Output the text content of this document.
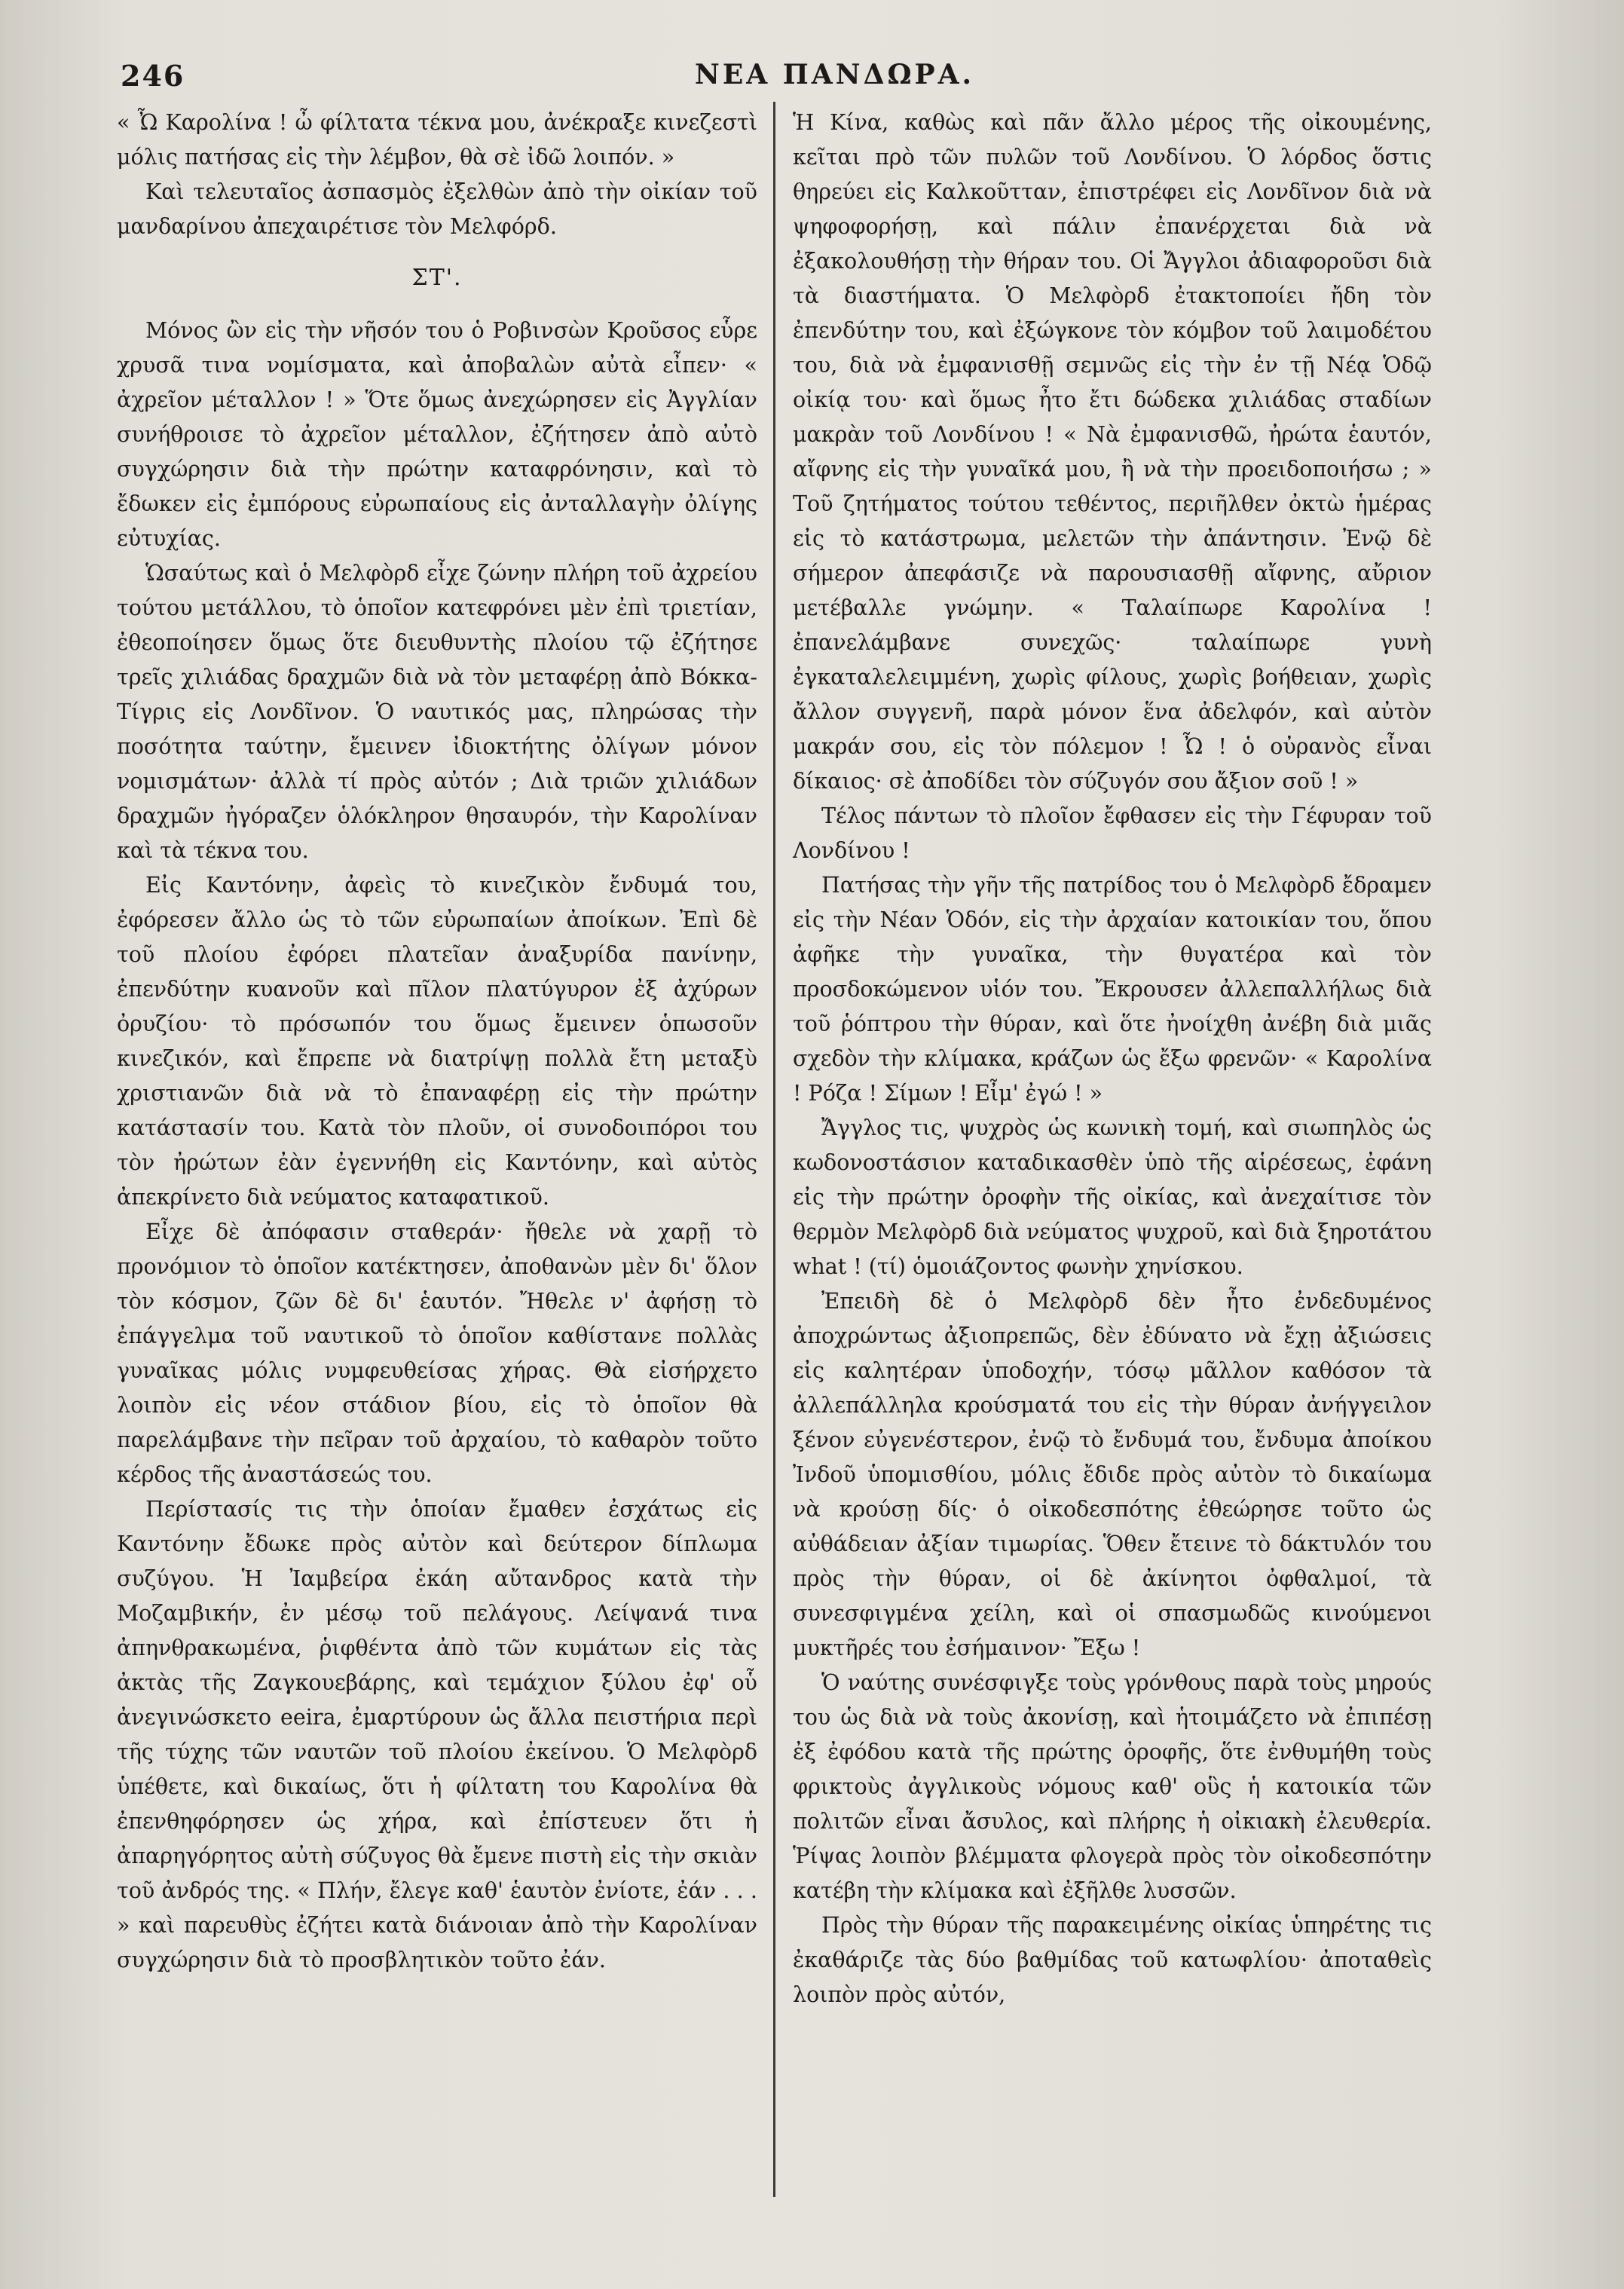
246	ΝΕΑ ΠΑΝΔΩΡΑ.

« Ὦ Καρολίνα ! ὦ φίλτατα τέκνα μου, ἀνέκραξε κινεζεστὶ μόλις πατήσας εἰς τὴν λέμβον, θὰ σὲ ἰδῶ λοιπόν. »

Καὶ τελευταῖος ἀσπασμὸς ἐξελθὼν ἀπὸ τὴν οἰκίαν τοῦ μανδαρίνου ἀπεχαιρέτισε τὸν Μελφόρδ.

ΣΤ'.

Μόνος ὢν εἰς τὴν νῆσόν του ὁ Ροβινσὼν Κροῦσος εὗρε χρυσᾶ τινα νομίσματα, καὶ ἀποβαλὼν αὐτὰ εἶπεν· « ἀχρεῖον μέταλλον ! » Ὅτε ὅμως ἀνεχώρησεν εἰς Ἀγγλίαν συνήθροισε τὸ ἀχρεῖον μέταλλον, ἐζήτησεν ἀπὸ αὐτὸ συγχώρησιν διὰ τὴν πρώτην καταφρόνησιν, καὶ τὸ ἔδωκεν εἰς ἐμπόρους εὐρωπαίους εἰς ἀνταλλαγὴν ὀλίγης εὐτυχίας.

Ὡσαύτως καὶ ὁ Μελφὸρδ εἶχε ζώνην πλήρη τοῦ ἀχρείου τούτου μετάλλου, τὸ ὁποῖον κατεφρόνει μὲν ἐπὶ τριετίαν, ἐθεοποίησεν ὅμως ὅτε διευθυντὴς πλοίου τῷ ἐζήτησε τρεῖς χιλιάδας δραχμῶν διὰ νὰ τὸν μεταφέρῃ ἀπὸ Βόκκα-Τίγρις εἰς Λονδῖνον. Ὁ ναυτικός μας, πληρώσας τὴν ποσότητα ταύτην, ἔμεινεν ἰδιοκτήτης ὀλίγων μόνον νομισμάτων· ἀλλὰ τί πρὸς αὐτόν ; Διὰ τριῶν χιλιάδων δραχμῶν ἠγόραζεν ὁλόκληρον θησαυρόν, τὴν Καρολίναν καὶ τὰ τέκνα του.

Εἰς Καντόνην, ἀφεὶς τὸ κινεζικὸν ἔνδυμά του, ἐφόρεσεν ἄλλο ὡς τὸ τῶν εὐρωπαίων ἀποίκων. Ἐπὶ δὲ τοῦ πλοίου ἐφόρει πλατεῖαν ἀναξυρίδα πανίνην, ἐπενδύτην κυανοῦν καὶ πῖλον πλατύγυρον ἐξ ἀχύρων ὀρυζίου· τὸ πρόσωπόν του ὅμως ἔμεινεν ὁπωσοῦν κινεζικόν, καὶ ἔπρεπε νὰ διατρίψῃ πολλὰ ἔτη μεταξὺ χριστιανῶν διὰ νὰ τὸ ἐπαναφέρῃ εἰς τὴν πρώτην κατάστασίν του. Κατὰ τὸν πλοῦν, οἱ συνοδοιπόροι του τὸν ἠρώτων ἐὰν ἐγεννήθη εἰς Καντόνην, καὶ αὐτὸς ἀπεκρίνετο διὰ νεύματος καταφατικοῦ.

Εἶχε δὲ ἀπόφασιν σταθεράν· ἤθελε νὰ χαρῇ τὸ προνόμιον τὸ ὁποῖον κατέκτησεν, ἀποθανὼν μὲν δι' ὅλον τὸν κόσμον, ζῶν δὲ δι' ἑαυτόν. Ἤθελε ν' ἀφήσῃ τὸ ἐπάγγελμα τοῦ ναυτικοῦ τὸ ὁποῖον καθίστανε πολλὰς γυναῖκας μόλις νυμφευθείσας χήρας. Θὰ εἰσήρχετο λοιπὸν εἰς νέον στάδιον βίου, εἰς τὸ ὁποῖον θὰ παρελάμβανε τὴν πεῖραν τοῦ ἀρχαίου, τὸ καθαρὸν τοῦτο κέρδος τῆς ἀναστάσεώς του.

Περίστασίς τις τὴν ὁποίαν ἔμαθεν ἐσχάτως εἰς Καντόνην ἔδωκε πρὸς αὐτὸν καὶ δεύτερον δίπλωμα συζύγου. Ἡ Ἰαμβείρα ἐκάη αὔτανδρος κατὰ τὴν Μοζαμβικήν, ἐν μέσῳ τοῦ πελάγους. Λείψανά τινα ἀπηνθρακωμένα, ῥιφθέντα ἀπὸ τῶν κυμάτων εἰς τὰς ἀκτὰς τῆς Ζαγκουεβάρης, καὶ τεμάχιον ξύλου ἐφ' οὗ ἀνεγινώσκετο eeira, ἐμαρτύρουν ὡς ἄλλα πειστήρια περὶ τῆς τύχης τῶν ναυτῶν τοῦ πλοίου ἐκείνου. Ὁ Μελφὸρδ ὑπέθετε, καὶ δικαίως, ὅτι ἡ φίλτατη του Καρολίνα θὰ ἐπενθηφόρησεν ὡς χήρα, καὶ ἐπίστευεν ὅτι ἡ ἀπαρηγόρητος αὐτὴ σύζυγος θὰ ἔμενε πιστὴ εἰς τὴν σκιὰν τοῦ ἀνδρός της. « Πλήν, ἔλεγε καθ' ἑαυτὸν ἐνίοτε, ἐάν . . . » καὶ παρευθὺς ἐζήτει κατὰ διάνοιαν ἀπὸ τὴν Καρολίναν συγχώρησιν διὰ τὸ προσβλητικὸν τοῦτο ἐάν.

Ἡ Κίνα, καθὼς καὶ πᾶν ἄλλο μέρος τῆς οἰκουμένης, κεῖται πρὸ τῶν πυλῶν τοῦ Λονδίνου. Ὁ λόρδος ὅστις θηρεύει εἰς Καλκοῦτταν, ἐπιστρέφει εἰς Λονδῖνον διὰ νὰ ψηφοφορήσῃ, καὶ πάλιν ἐπανέρχεται διὰ νὰ ἐξακολουθήσῃ τὴν θήραν του. Οἱ Ἄγγλοι ἀδιαφοροῦσι διὰ τὰ διαστήματα. Ὁ Μελφὸρδ ἐτακτοποίει ἤδη τὸν ἐπενδύτην του, καὶ ἐξώγκονε τὸν κόμβον τοῦ λαιμοδέτου του, διὰ νὰ ἐμφανισθῇ σεμνῶς εἰς τὴν ἐν τῇ Νέᾳ Ὁδῷ οἰκίᾳ του· καὶ ὅμως ἦτο ἔτι δώδεκα χιλιάδας σταδίων μακρὰν τοῦ Λονδίνου ! « Νὰ ἐμφανισθῶ, ἠρώτα ἑαυτόν, αἴφνης εἰς τὴν γυναῖκά μου, ἢ νὰ τὴν προειδοποιήσω ; » Τοῦ ζητήματος τούτου τεθέντος, περιῆλθεν ὀκτὼ ἡμέρας εἰς τὸ κατάστρωμα, μελετῶν τὴν ἀπάντησιν. Ἐνῷ δὲ σήμερον ἀπεφάσιζε νὰ παρουσιασθῇ αἴφνης, αὔριον μετέβαλλε γνώμην. « Ταλαίπωρε Καρολίνα ! ἐπανελάμβανε συνεχῶς· ταλαίπωρε γυνὴ ἐγκαταλελειμμένη, χωρὶς φίλους, χωρὶς βοήθειαν, χωρὶς ἄλλον συγγενῆ, παρὰ μόνον ἕνα ἀδελφόν, καὶ αὐτὸν μακράν σου, εἰς τὸν πόλεμον ! Ὦ ! ὁ οὐρανὸς εἶναι δίκαιος· σὲ ἀποδίδει τὸν σύζυγόν σου ἄξιον σοῦ ! »

Τέλος πάντων τὸ πλοῖον ἔφθασεν εἰς τὴν Γέφυραν τοῦ Λονδίνου !

Πατήσας τὴν γῆν τῆς πατρίδος του ὁ Μελφὸρδ ἔδραμεν εἰς τὴν Νέαν Ὁδόν, εἰς τὴν ἀρχαίαν κατοικίαν του, ὅπου ἀφῆκε τὴν γυναῖκα, τὴν θυγατέρα καὶ τὸν προσδοκώμενον υἱόν του. Ἔκρουσεν ἀλλεπαλλήλως διὰ τοῦ ῥόπτρου τὴν θύραν, καὶ ὅτε ἠνοίχθη ἀνέβη διὰ μιᾶς σχεδὸν τὴν κλίμακα, κράζων ὡς ἔξω φρενῶν· « Καρολίνα ! Ρόζα ! Σίμων ! Εἶμ' ἐγώ ! »

Ἄγγλος τις, ψυχρὸς ὡς κωνικὴ τομή, καὶ σιωπηλὸς ὡς κωδονοστάσιον καταδικασθὲν ὑπὸ τῆς αἱρέσεως, ἐφάνη εἰς τὴν πρώτην ὀροφὴν τῆς οἰκίας, καὶ ἀνεχαίτισε τὸν θερμὸν Μελφὸρδ διὰ νεύματος ψυχροῦ, καὶ διὰ ξηροτάτου what ! (τί) ὁμοιάζοντος φωνὴν χηνίσκου.

Ἐπειδὴ δὲ ὁ Μελφὸρδ δὲν ἦτο ἐνδεδυμένος ἀποχρώντως ἀξιοπρεπῶς, δὲν ἐδύνατο νὰ ἔχῃ ἀξιώσεις εἰς καλητέραν ὑποδοχήν, τόσῳ μᾶλλον καθόσον τὰ ἀλλεπάλληλα κρούσματά του εἰς τὴν θύραν ἀνήγγειλον ξένον εὐγενέστερον, ἐνῷ τὸ ἔνδυμά του, ἔνδυμα ἀποίκου Ἰνδοῦ ὑπομισθίου, μόλις ἔδιδε πρὸς αὐτὸν τὸ δικαίωμα νὰ κρούσῃ δίς· ὁ οἰκοδεσπότης ἐθεώρησε τοῦτο ὡς αὐθάδειαν ἀξίαν τιμωρίας. Ὅθεν ἔτεινε τὸ δάκτυλόν του πρὸς τὴν θύραν, οἱ δὲ ἀκίνητοι ὀφθαλμοί, τὰ συνεσφιγμένα χείλη, καὶ οἱ σπασμωδῶς κινούμενοι μυκτῆρές του ἐσήμαινον· Ἔξω !

Ὁ ναύτης συνέσφιγξε τοὺς γρόνθους παρὰ τοὺς μηρούς του ὡς διὰ νὰ τοὺς ἀκονίσῃ, καὶ ἡτοιμάζετο νὰ ἐπιπέσῃ ἐξ ἐφόδου κατὰ τῆς πρώτης ὀροφῆς, ὅτε ἐνθυμήθη τοὺς φρικτοὺς ἀγγλικοὺς νόμους καθ' οὓς ἡ κατοικία τῶν πολιτῶν εἶναι ἄσυλος, καὶ πλήρης ἡ οἰκιακὴ ἐλευθερία. Ῥίψας λοιπὸν βλέμματα φλογερὰ πρὸς τὸν οἰκοδεσπότην κατέβη τὴν κλίμακα καὶ ἐξῆλθε λυσσῶν.

Πρὸς τὴν θύραν τῆς παρακειμένης οἰκίας ὑπηρέτης τις ἐκαθάριζε τὰς δύο βαθμίδας τοῦ κατωφλίου· ἀποταθεὶς λοιπὸν πρὸς αὐτόν,
